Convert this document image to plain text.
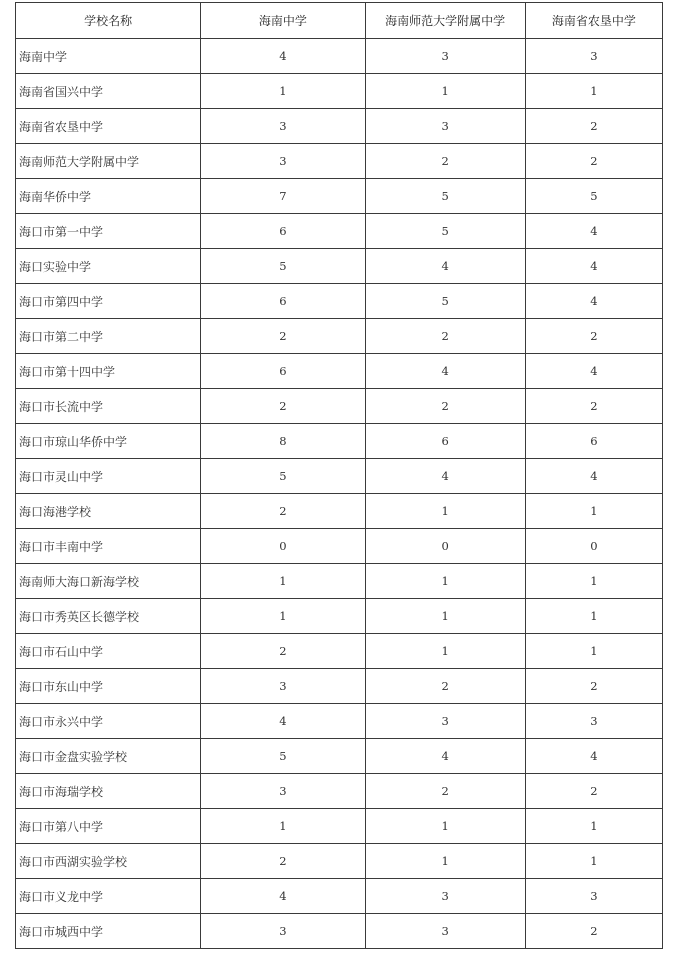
学校名称	海南中学	海南师范大学附属中学	海南省农垦中学
海南中学	4	3	3
海南省国兴中学	1	1	1
海南省农垦中学	3	3	2
海南师范大学附属中学	3	2	2
海南华侨中学	7	5	5
海口市第一中学	6	5	4
海口实验中学	5	4	4
海口市第四中学	6	5	4
海口市第二中学	2	2	2
海口市第十四中学	6	4	4
海口市长流中学	2	2	2
海口市琼山华侨中学	8	6	6
海口市灵山中学	5	4	4
海口海港学校	2	1	1
海口市丰南中学	0	0	0
海南师大海口新海学校	1	1	1
海口市秀英区长德学校	1	1	1
海口市石山中学	2	1	1
海口市东山中学	3	2	2
海口市永兴中学	4	3	3
海口市金盘实验学校	5	4	4
海口市海瑞学校	3	2	2
海口市第八中学	1	1	1
海口市西湖实验学校	2	1	1
海口市义龙中学	4	3	3
海口市城西中学	3	3	2
